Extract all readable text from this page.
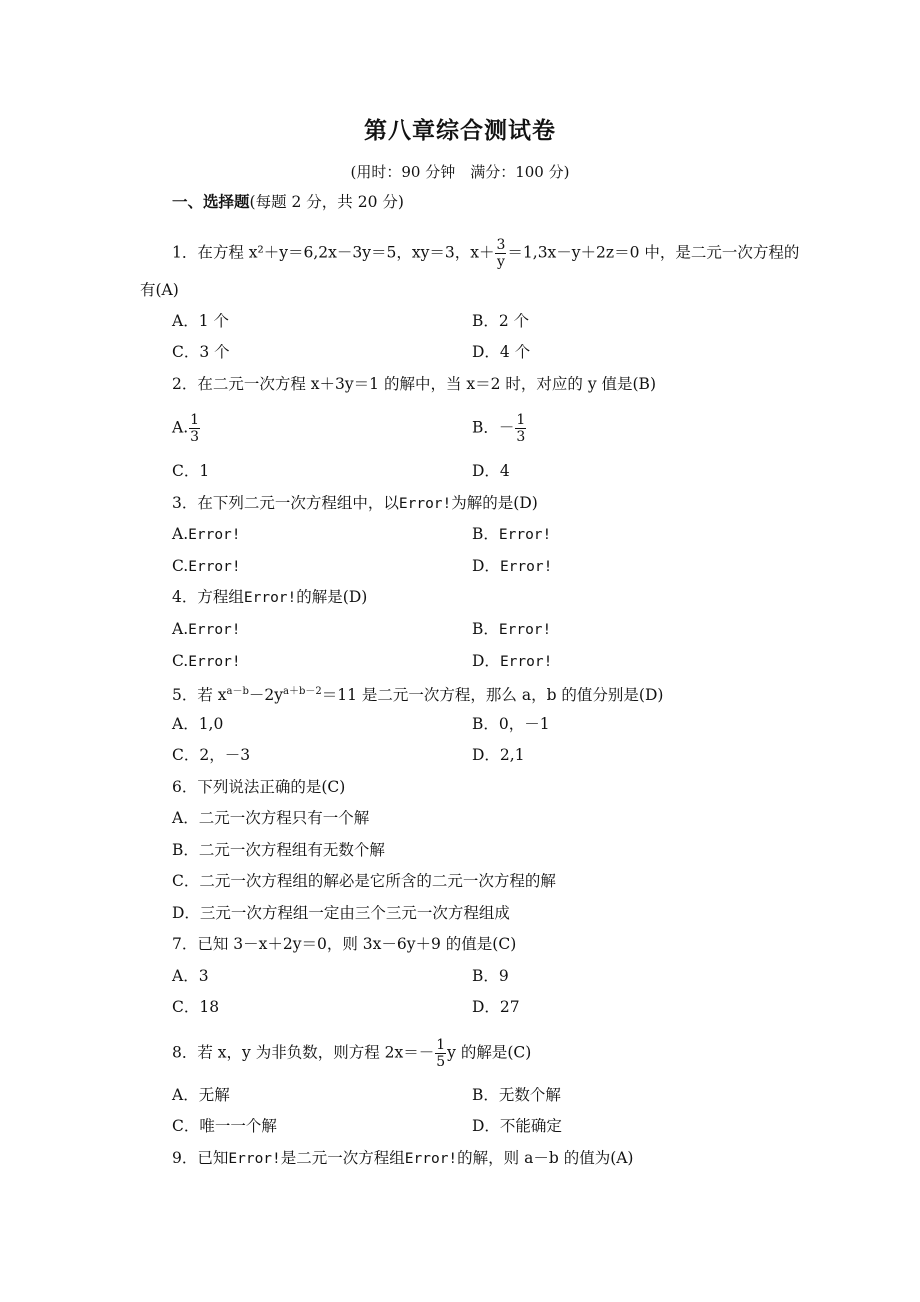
第八章综合测试卷
(用时：90 分钟　满分：100 分)
一、选择题(每题 2 分，共 20 分)
1．在方程 x²＋y＝6,2x－3y＝5，xy＝3，$x+ \frac{3}{y} =1,3x-y+2z=0$ 中，是二元一次方程的
有(A)
A．1 个	B．2 个
C．3 个	D．4 个
2．在二元一次方程 x＋3y＝1 的解中，当 x＝2 时，对应的 y 值是(B)
A. $\frac{1}{3}$	B．－ $\frac{1}{3}$
C．1	D．4
3．在下列二元一次方程组中，以Error!为解的是(D)
A.Error!	B．Error!
C.Error!	D．Error!
4．方程组Error!的解是(D)
A.Error!	B．Error!
C.Error!	D．Error!
5．若 $x^{a-b}-2y^{a+b-2}=11$ 是二元一次方程，那么 a，b 的值分别是(D)
A．1,0	B．0，－1
C．2，－3	D．2,1
6．下列说法正确的是(C)
A．二元一次方程只有一个解
B．二元一次方程组有无数个解
C．二元一次方程组的解必是它所含的二元一次方程的解
D．三元一次方程组一定由三个三元一次方程组成
7．已知 3－x＋2y＝0，则 3x－6y＋9 的值是(C)
A．3	B．9
C．18	D．27
8．若 x，y 为非负数，则方程 $2x=- \frac{1}{5}$ y 的解是(C)
A．无解	B．无数个解
C．唯一一个解	D．不能确定
9．已知Error!是二元一次方程组Error!的解，则 a－b 的值为(A)
